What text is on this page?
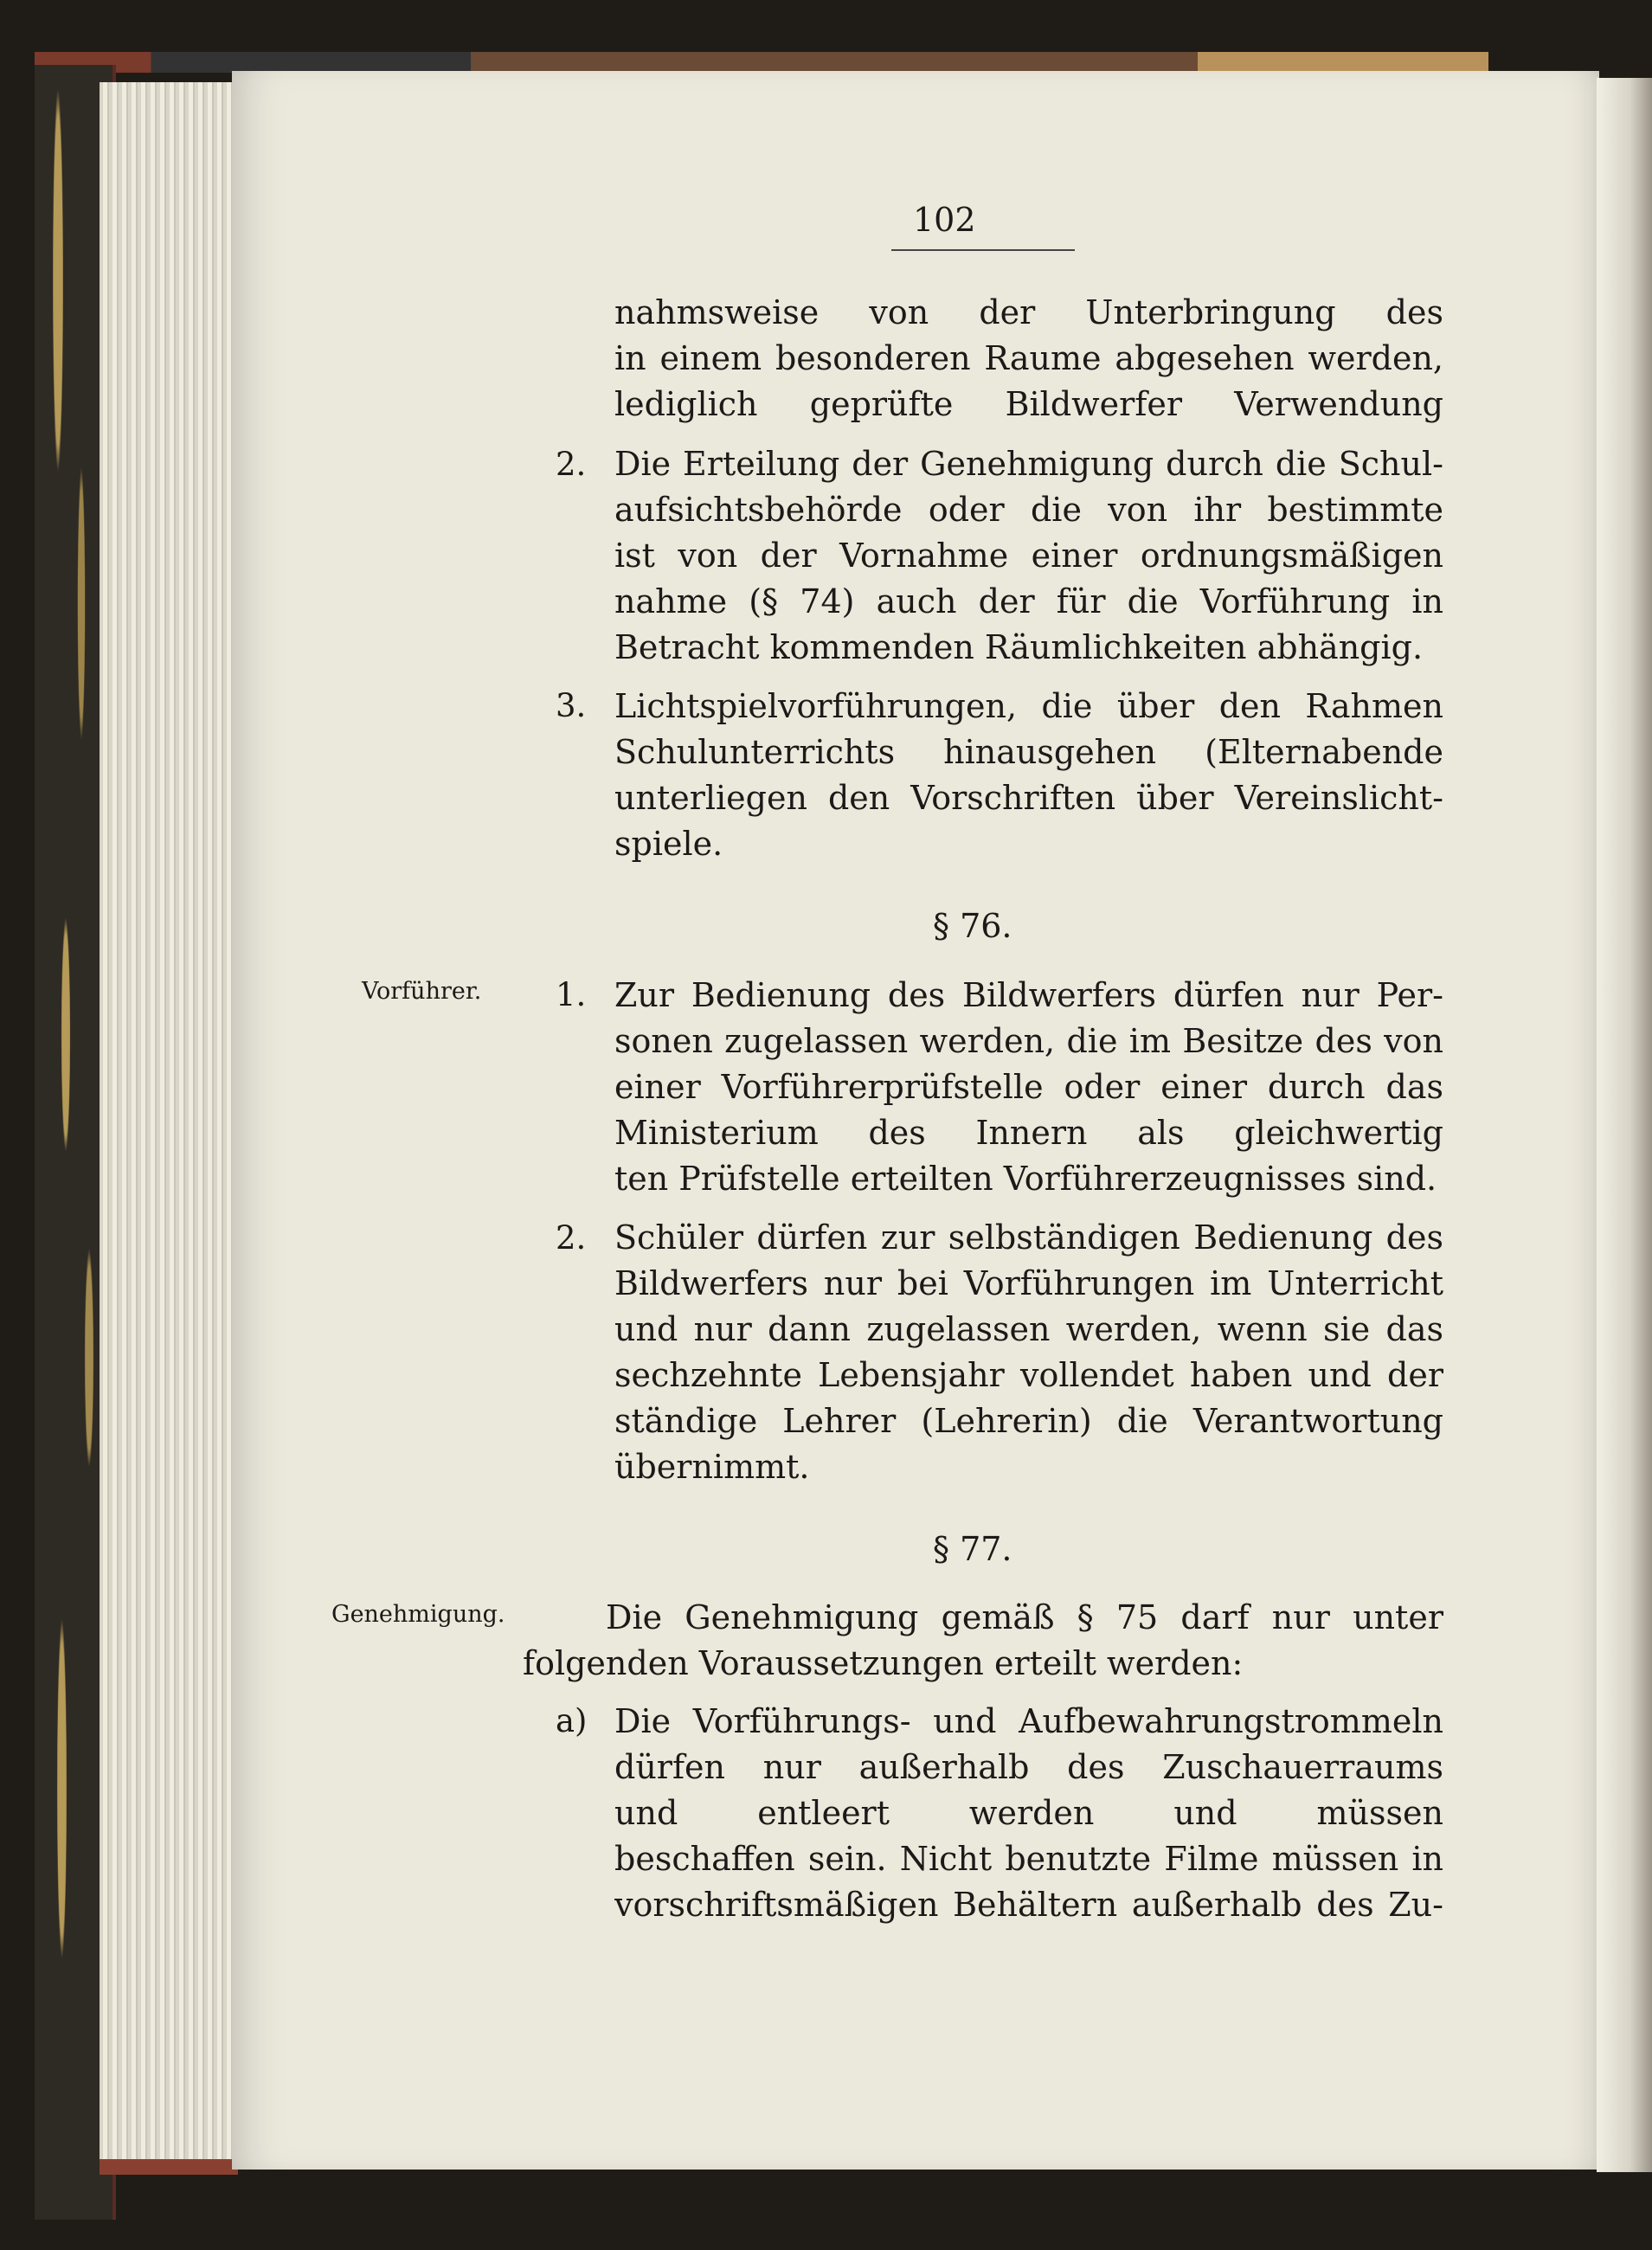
102
nahmsweise von der Unterbringung des
in einem besonderen Raume abgesehen werden,
lediglich geprüfte Bildwerfer Verwendung
2. Die Erteilung der Genehmigung durch die Schul-
aufsichtsbehörde oder die von ihr bestimmte
ist von der Vornahme einer ordnungsmäßigen
nahme (§ 74) auch der für die Vorführung in
Betracht kommenden Räumlichkeiten abhängig.
3. Lichtspielvorführungen, die über den Rahmen
Schulunterrichts hinausgehen (Elternabende
unterliegen den Vorschriften über Vereinslicht-
spiele.
§ 76.
Vorführer. 1. Zur Bedienung des Bildwerfers dürfen nur Per-
sonen zugelassen werden, die im Besitze des von
einer Vorführerprüfstelle oder einer durch das
Ministerium des Innern als gleichwertig
ten Prüfstelle erteilten Vorführerzeugnisses sind.
2. Schüler dürfen zur selbständigen Bedienung des
Bildwerfers nur bei Vorführungen im Unterricht
und nur dann zugelassen werden, wenn sie das
sechzehnte Lebensjahr vollendet haben und der
ständige Lehrer (Lehrerin) die Verantwortung
übernimmt.
§ 77.
Genehmigung.	Die Genehmigung gemäß § 75 darf nur unter
folgenden Voraussetzungen erteilt werden:
a) Die Vorführungs- und Aufbewahrungstrommeln
dürfen nur außerhalb des Zuschauerraums
und entleert werden und müssen
beschaffen sein. Nicht benutzte Filme müssen in
vorschriftsmäßigen Behältern außerhalb des Zu-
